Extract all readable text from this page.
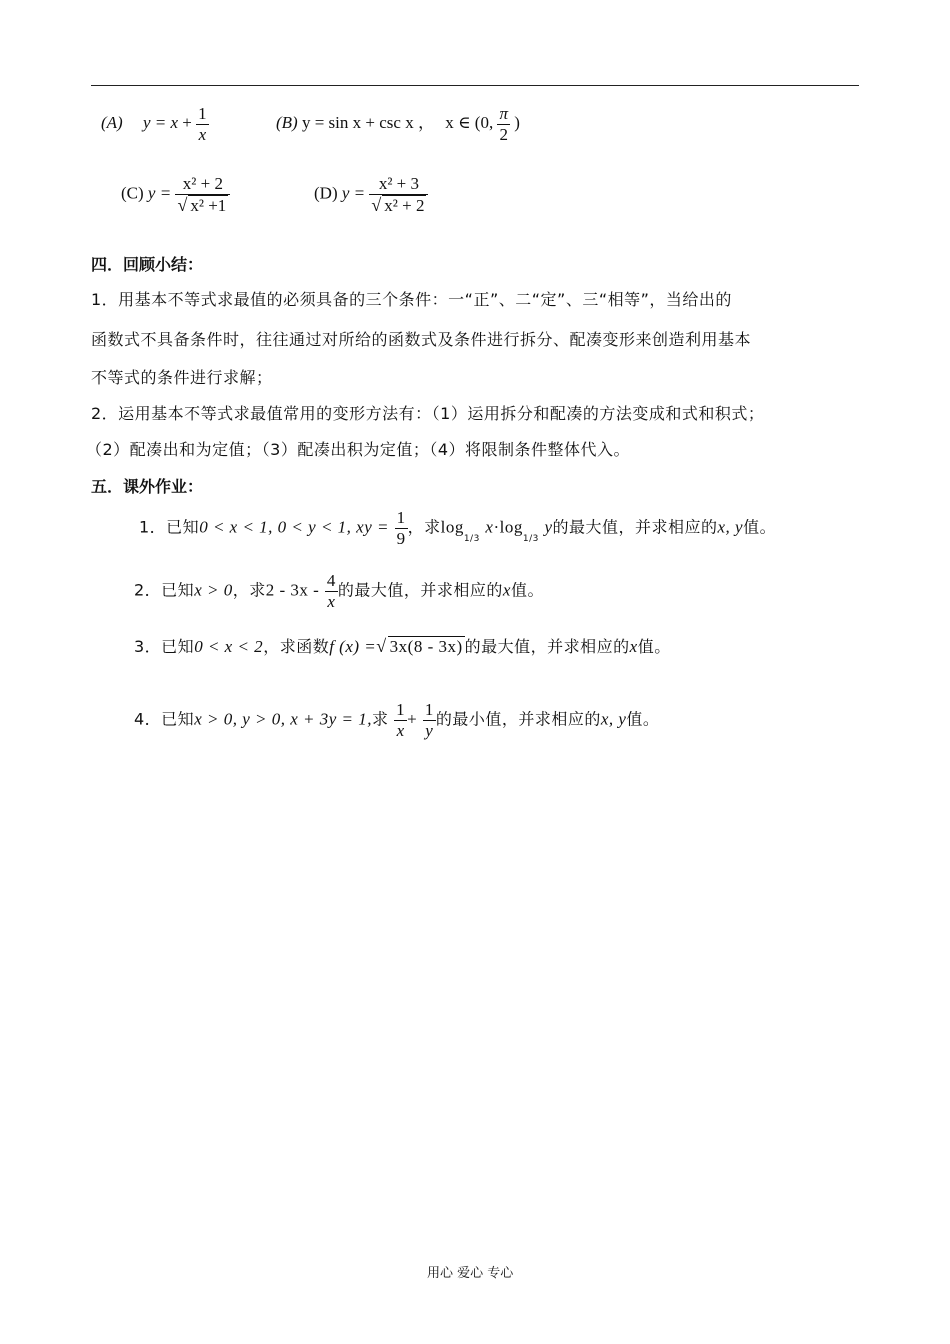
(A) $y = x + \frac{1}{x}$	(B) y = sin x + csc x ， x ∈ (0, $\frac{\pi}{2}$ )
(C) $y = \frac{\text{x² + 2}}{\text{√ x² +1}}$	(D) $y = \frac{\text{x² + 3}}{\text{√ x² + 2}}$
四．回顾小结：
1．用基本不等式求最值的必须具备的三个条件：一“正”、二“定”、三“相等”，当给出的
函数式不具备条件时，往往通过对所给的函数式及条件进行拆分、配凑变形来创造利用基本
不等式的条件进行求解；
2．运用基本不等式求最值常用的变形方法有：（1）运用拆分和配凑的方法变成和式和积式；
（2）配凑出和为定值；（3）配凑出积为定值；（4）将限制条件整体代入。
五．课外作业：
1．已知0 < x < 1, 0 < y < 1, xy = $\frac{1}{9}$ ，求log1/3 x·log1/3 y的最大值，并求相应的x, y值。
2．已知x > 0，求$2 - 3x - \frac{4}{x}$ 的最大值，并求相应的x值。
3．已知0 < x < 2，求函数f (x) =√ 3x(8 - 3x) 的最大值，并求相应的x值。
4．已知x > 0, y > 0, x + 3y = 1,求 $\frac{1}{x} + \frac{1}{y}$ 的最小值，并求相应的x, y值。
用心 爱心 专心
